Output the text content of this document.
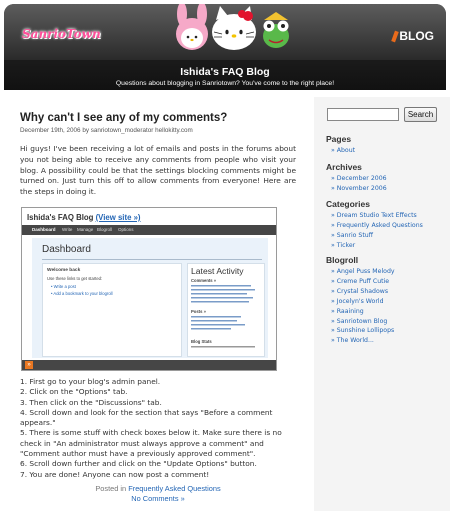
SanrioTown	BLOG
Ishida's FAQ Blog
Questions about blogging in Sanriotown? You've come to the right place!
Why can't I see any of my comments?
December 19th, 2006 by sanriotown_moderator hellokitty.com
Hi guys! I've been receiving a lot of emails and posts in the forums about you not being able to receive any comments from people who visit your blog. A possibility could be that the settings blocking comments might be turned on. Just turn this off to allow comments from everyone! Here are the steps in doing it.
Ishida's FAQ Blog (View site »)
Dashboard Write Manage Blogroll Options
Dashboard
Welcome back
Use these links to get started:
• Write a post
• Add a bookmark to your blogroll
Latest Activity
Comments »
Posts »
Blog Stats
»
1. First go to your blog's admin panel.
2. Click on the "Options" tab.
3. Then click on the "Discussions" tab.
4. Scroll down and look for the section that says "Before a comment appears."
5. There is some stuff with check boxes below it. Make sure there is no check in "An administrator must always approve a comment" and "Comment author must have a previously approved comment".
6. Scroll down further and click on the "Update Options" button.
7. You are done! Anyone can now post a comment!
Posted in Frequently Asked Questions
No Comments »
Search
Pages
» About
Archives
» December 2006
» November 2006
Categories
» Dream Studio Text Effects
» Frequently Asked Questions
» Sanrio Stuff
» Ticker
Blogroll
» Angel Puss Melody
» Creme Puff Cutie
» Crystal Shadows
» Jocelyn's World
» Raaining
» Sanriotown Blog
» Sunshine Lollipops
» The World...
